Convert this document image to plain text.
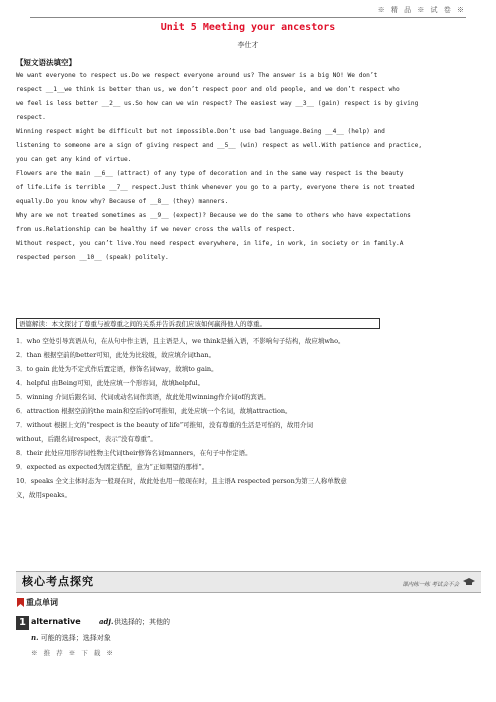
※ 精 品 ※ 试 卷 ※
Unit 5 Meeting your ancestors
李仕才
【短文语法填空】
We want everyone to respect us.Do we respect everyone around us? The answer is a big NO! We don’t
respect __1__we think is better than us, we don’t respect poor and old people, and we don’t respect who
we feel is less better __2__ us.So how can we win respect? The easiest way __3__ (gain) respect is by giving
respect.
Winning respect might be difficult but not impossible.Don’t use bad language.Being __4__ (help) and
listening to someone are a sign of giving respect and __5__ (win) respect as well.With patience and practice,
you can get any kind of virtue.
Flowers are the main __6__ (attract) of any type of decoration and in the same way respect is the beauty
of life.Life is terrible __7__ respect.Just think whenever you go to a party, everyone there is not treated
equally.Do you know why? Because of __8__ (they) manners.
Why are we not treated sometimes as __9__ (expect)? Because we do the same to others who have expectations
from us.Relationship can be healthy if we never cross the walls of respect.
Without respect, you can’t live.You need respect everywhere, in life, in work, in society or in family.A
respected person __10__ (speak) politely.
语篇解读：本文探讨了尊重与被尊重之间的关系并告诉我们应该如何赢得他人的尊重。
1．who 空处引导宾语从句，在从句中作主语，且主语是人，we think是插入语，不影响句子结构，故应填who。
2．than 根据空前的better可知，此处为比较级，故应填介词than。
3．to gain 此处为不定式作后置定语，修饰名词way，故填to gain。
4．helpful 由Being可知，此处应填一个形容词，故填helpful。
5．winning 介词后跟名词、代词或动名词作宾语，故此处用winning作介词of的宾语。
6．attraction 根据空前的the main和空后的of可推知，此处应填一个名词，故填attraction。
7．without 根据上文的“respect is the beauty of life”可推知，没有尊重的生活是可怕的，故用介词
without，后跟名词respect，表示“没有尊重”。
8．their 此处应用形容词性物主代词their修饰名词manners，在句子中作定语。
9．expected as expected为固定搭配，意为“正如期望的那样”。
10．speaks 全文主体时态为一般现在时，故此处也用一般现在时，且主语A respected person为第三人称单数意
义，故用speaks。
核心考点探究	课内练一练 考试会不会
重点单词
1 alternative	adj. 供选择的；其他的
n. 可能的选择；选择对象
※ 推 荐 ※ 下 载 ※
